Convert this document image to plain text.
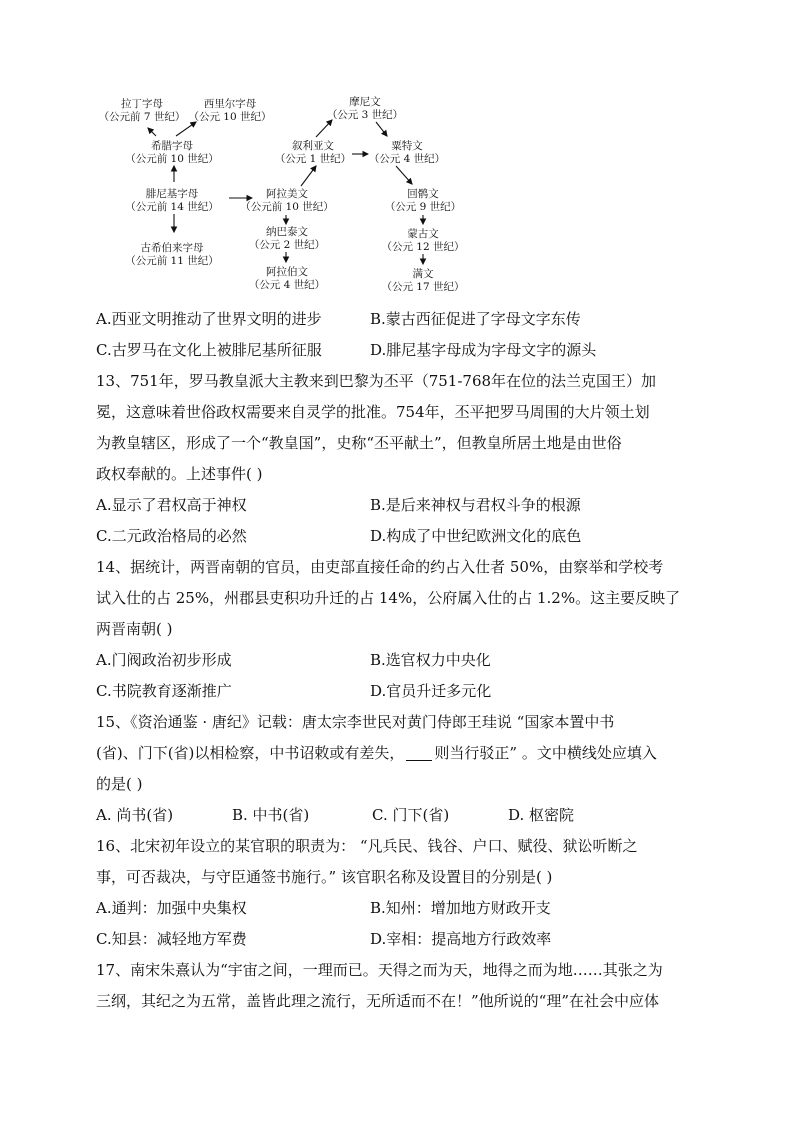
拉丁字母
（公元前 7 世纪）
西里尔字母
（公元 10 世纪）
希腊字母
（公元前 10 世纪）
腓尼基字母
（公元前 14 世纪）
古希伯来字母
（公元前 11 世纪）
阿拉美文
（公元前 10 世纪）
纳巴泰文
（公元 2 世纪）
阿拉伯文
（公元 4 世纪）
叙利亚文
（公元 1 世纪）
摩尼文
（公元 3 世纪）
粟特文
（公元 4 世纪）
回鹘文
（公元 9 世纪）
蒙古文
（公元 12 世纪）
满文
（公元 17 世纪）
A.西亚文明推动了世界文明的进步	B.蒙古西征促进了字母文字东传
C.古罗马在文化上被腓尼基所征服	D.腓尼基字母成为字母文字的源头
13、751年，罗马教皇派大主教来到巴黎为丕平（751-768年在位的法兰克国王）加
冕，这意味着世俗政权需要来自灵学的批准。754年，丕平把罗马周围的大片领土划
为教皇辖区，形成了一个“教皇国”，史称“丕平献土”，但教皇所居土地是由世俗
政权奉献的。上述事件( )
A.显示了君权高于神权	B.是后来神权与君权斗争的根源
C.二元政治格局的必然	D.构成了中世纪欧洲文化的底色
14、据统计，两晋南朝的官员，由吏部直接任命的约占入仕者 50%，由察举和学校考
试入仕的占 25%，州郡县吏积功升迁的占 14%，公府属入仕的占 1.2%。这主要反映了
两晋南朝( )
A.门阀政治初步形成	B.选官权力中央化
C.书院教育逐渐推广	D.官员升迁多元化
15、《资治通鉴 · 唐纪》记载：唐太宗李世民对黄门侍郎王珪说 “国家本置中书
(省)、门下(省)以相检察，中书诏敕或有差失， 则当行驳正” 。文中横线处应填入
的是( )
A. 尚书(省)	B. 中书(省)	C. 门下(省)	D. 枢密院
16、北宋初年设立的某官职的职责为： “凡兵民、钱谷、户口、赋役、狱讼听断之
事，可否裁决，与守臣通签书施行。” 该官职名称及设置目的分别是( )
A.通判：加强中央集权	B.知州：增加地方财政开支
C.知县：减轻地方军费	D.宰相：提高地方行政效率
17、南宋朱熹认为“宇宙之间，一理而已。天得之而为天，地得之而为地……其张之为
三纲，其纪之为五常，盖皆此理之流行，无所适而不在！”他所说的“理”在社会中应体
